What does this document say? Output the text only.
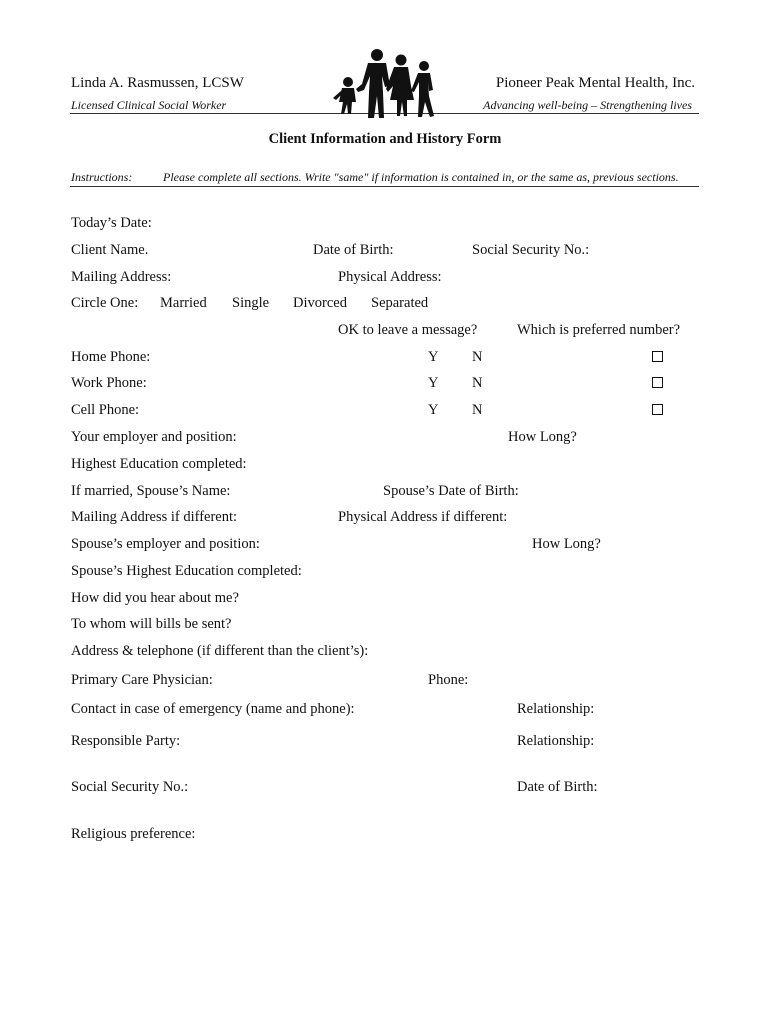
Linda A. Rasmussen, LCSW
Licensed Clinical Social Worker
Pioneer Peak Mental Health, Inc.
Advancing well-being – Strengthening lives
Client Information and History Form
Instructions:	Please complete all sections. Write "same" if information is contained in, or the same as, previous sections.
Today’s Date:
Client Name.	Date of Birth:	Social Security No.:
Mailing Address:	Physical Address:
Circle One: Married Single Divorced Separated
OK to leave a message?	Which is preferred number?
Home Phone:	Y N
Work Phone:	Y N
Cell Phone:	Y N
Your employer and position:	How Long?
Highest Education completed:
If married, Spouse’s Name:	Spouse’s Date of Birth:
Mailing Address if different:	Physical Address if different:
Spouse’s employer and position:	How Long?
Spouse’s Highest Education completed:
How did you hear about me?
To whom will bills be sent?
Address & telephone (if different than the client’s):
Primary Care Physician:	Phone:
Contact in case of emergency (name and phone):	Relationship:
Responsible Party:	Relationship:
Social Security No.:	Date of Birth:
Religious preference:
